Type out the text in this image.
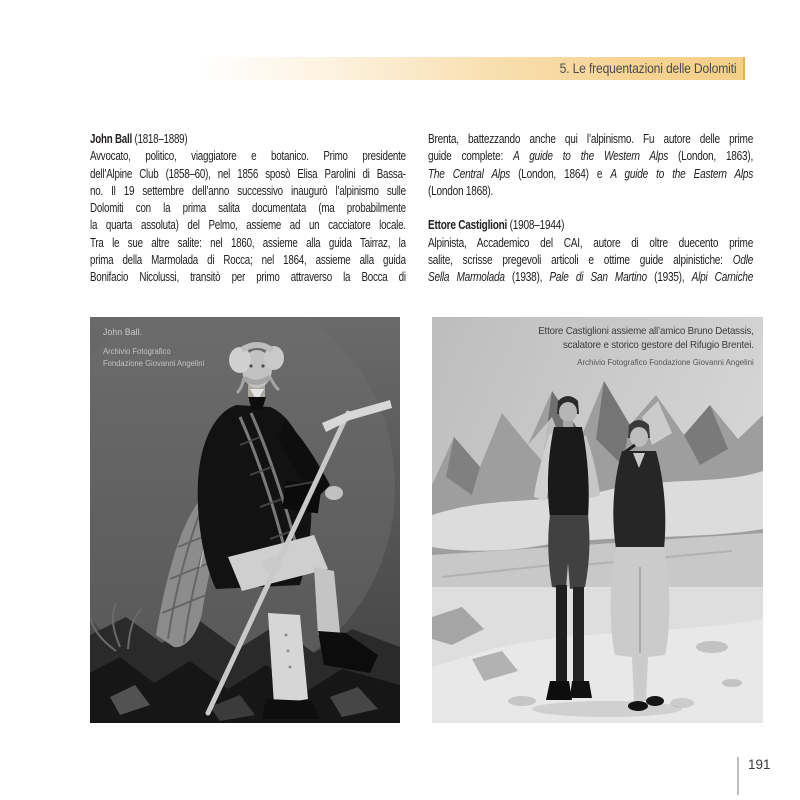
5. Le frequentazioni delle Dolomiti
John Ball (1818–1889)
Avvocato, politico, viaggiatore e botanico. Primo presidente
dell’Alpine Club (1858–60), nel 1856 sposò Elisa Parolini di Bassa-
no. Il 19 settembre dell’anno successivo inaugurò l’alpinismo sulle
Dolomiti con la prima salita documentata (ma probabilmente
la quarta assoluta) del Pelmo, assieme ad un cacciatore locale.
Tra le sue altre salite: nel 1860, assieme alla guida Tairraz, la
prima della Marmolada di Rocca; nel 1864, assieme alla guida
Bonifacio Nicolussi, transitò per primo attraverso la Bocca di
Brenta, battezzando anche qui l’alpinismo. Fu autore delle prime
guide complete: A guide to the Western Alps (London, 1863),
The Central Alps (London, 1864) e A guide to the Eastern Alps
(London 1868).
Ettore Castiglioni (1908–1944)
Alpinista, Accademico del CAI, autore di oltre duecento prime
salite, scrisse pregevoli articoli e ottime guide alpinistiche: Odle
Sella Marmolada (1938), Pale di San Martino (1935), Alpi Carniche
John Ball.
Archivio Fotografico
Fondazione Giovanni Angelini
Ettore Castiglioni assieme all’amico Bruno Detassis,
scalatore e storico gestore del Rifugio Brentei.
Archivio Fotografico Fondazione Giovanni Angelini
191
